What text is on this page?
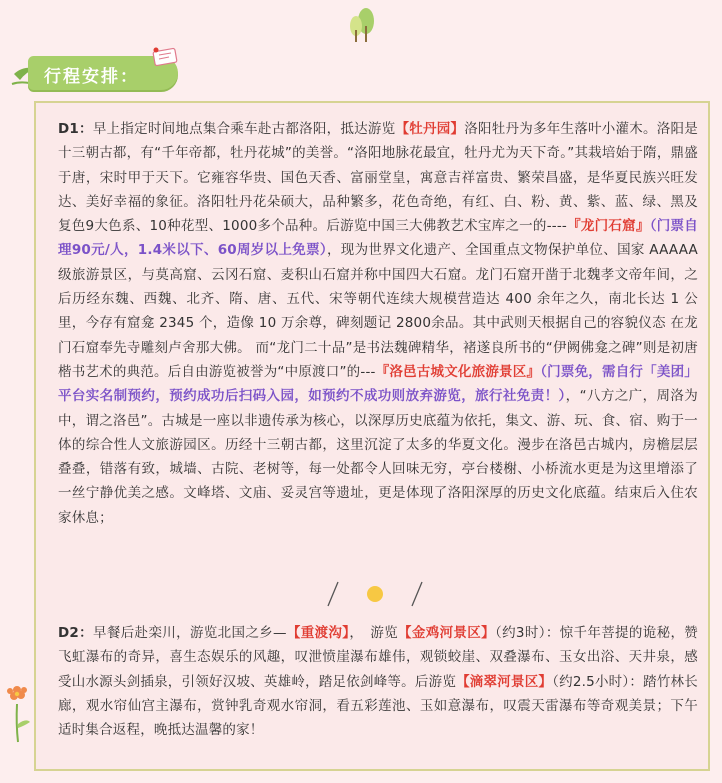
行程安排：
D1：早上指定时间地点集合乘车赴古都洛阳，抵达游览【牡丹园】洛阳牡丹为多年生落叶小灌木。洛阳是十三朝古都，有“千年帝都，牡丹花城”的美誉。“洛阳地脉花最宜，牡丹尤为天下奇。”其栽培始于隋，鼎盛于唐，宋时甲于天下。它雍容华贵、国色天香、富丽堂皇，寓意吉祥富贵、繁荣昌盛，是华夏民族兴旺发达、美好幸福的象征。洛阳牡丹花朵硕大，品种繁多，花色奇绝，有红、白、粉、黄、紫、蓝、绿、黑及复色9大色系、10种花型、1000多个品种。后游览中国三大佛教艺术宝库之一的----『龙门石窟』（门票自理90元/人，1.4米以下、60周岁以上免票），现为世界文化遗产、全国重点文物保护单位、国家 AAAAA级旅游景区，与莫高窟、云冈石窟、麦积山石窟并称中国四大石窟。龙门石窟开凿于北魏孝文帝年间，之后历经东魏、西魏、北齐、隋、唐、五代、宋等朝代连续大规模营造达 400 余年之久，南北长达 1 公里，今存有窟龛 2345 个，造像 10 万余尊，碑刻题记 2800余品。其中武则天根据自己的容貌仪态 在龙门石窟奉先寺雕刻卢舍那大佛。 而“龙门二十品”是书法魏碑精华，褚遂良所书的“伊阙佛龛之碑”则是初唐楷书艺术的典范。后自由游览被誉为“中原渡口”的---『洛邑古城文化旅游景区』（门票免，需自行「美团」平台实名制预约，预约成功后扫码入园，如预约不成功则放弃游览，旅行社免责！），“八方之广，周洛为中，谓之洛邑”。古城是一座以非遗传承为核心，以深厚历史底蕴为依托，集文、游、玩、食、宿、购于一体的综合性人文旅游园区。历经十三朝古都，这里沉淀了太多的华夏文化。漫步在洛邑古城内，房檐层层叠叠，错落有致，城墙、古院、老树等，每一处都令人回味无穷，亭台楼榭、小桥流水更是为这里增添了一丝宁静优美之感。文峰塔、文庙、妥灵宫等遗址，更是体现了洛阳深厚的历史文化底蕴。结束后入住农家休息；
D2：早餐后赴栾川，游览北国之乡—【重渡沟】，　游览【金鸡河景区】（约3时）：惊千年菩提的诡秘，赞飞虹瀑布的奇异，喜生态娱乐的风趣，叹泄愤崖瀑布雄伟，观锁蛟崖、双叠瀑布、玉女出浴、天井泉，感受山水源头剑插泉，引领好汉坡、英雄岭，踏足依剑峰等。后游览【滴翠河景区】（约2.5小时）：踏竹林长廊，观水帘仙宫主瀑布，赏钟乳奇观水帘洞，看五彩莲池、玉如意瀑布，叹震天雷瀑布等奇观美景；下午适时集合返程，晚抵达温馨的家！
